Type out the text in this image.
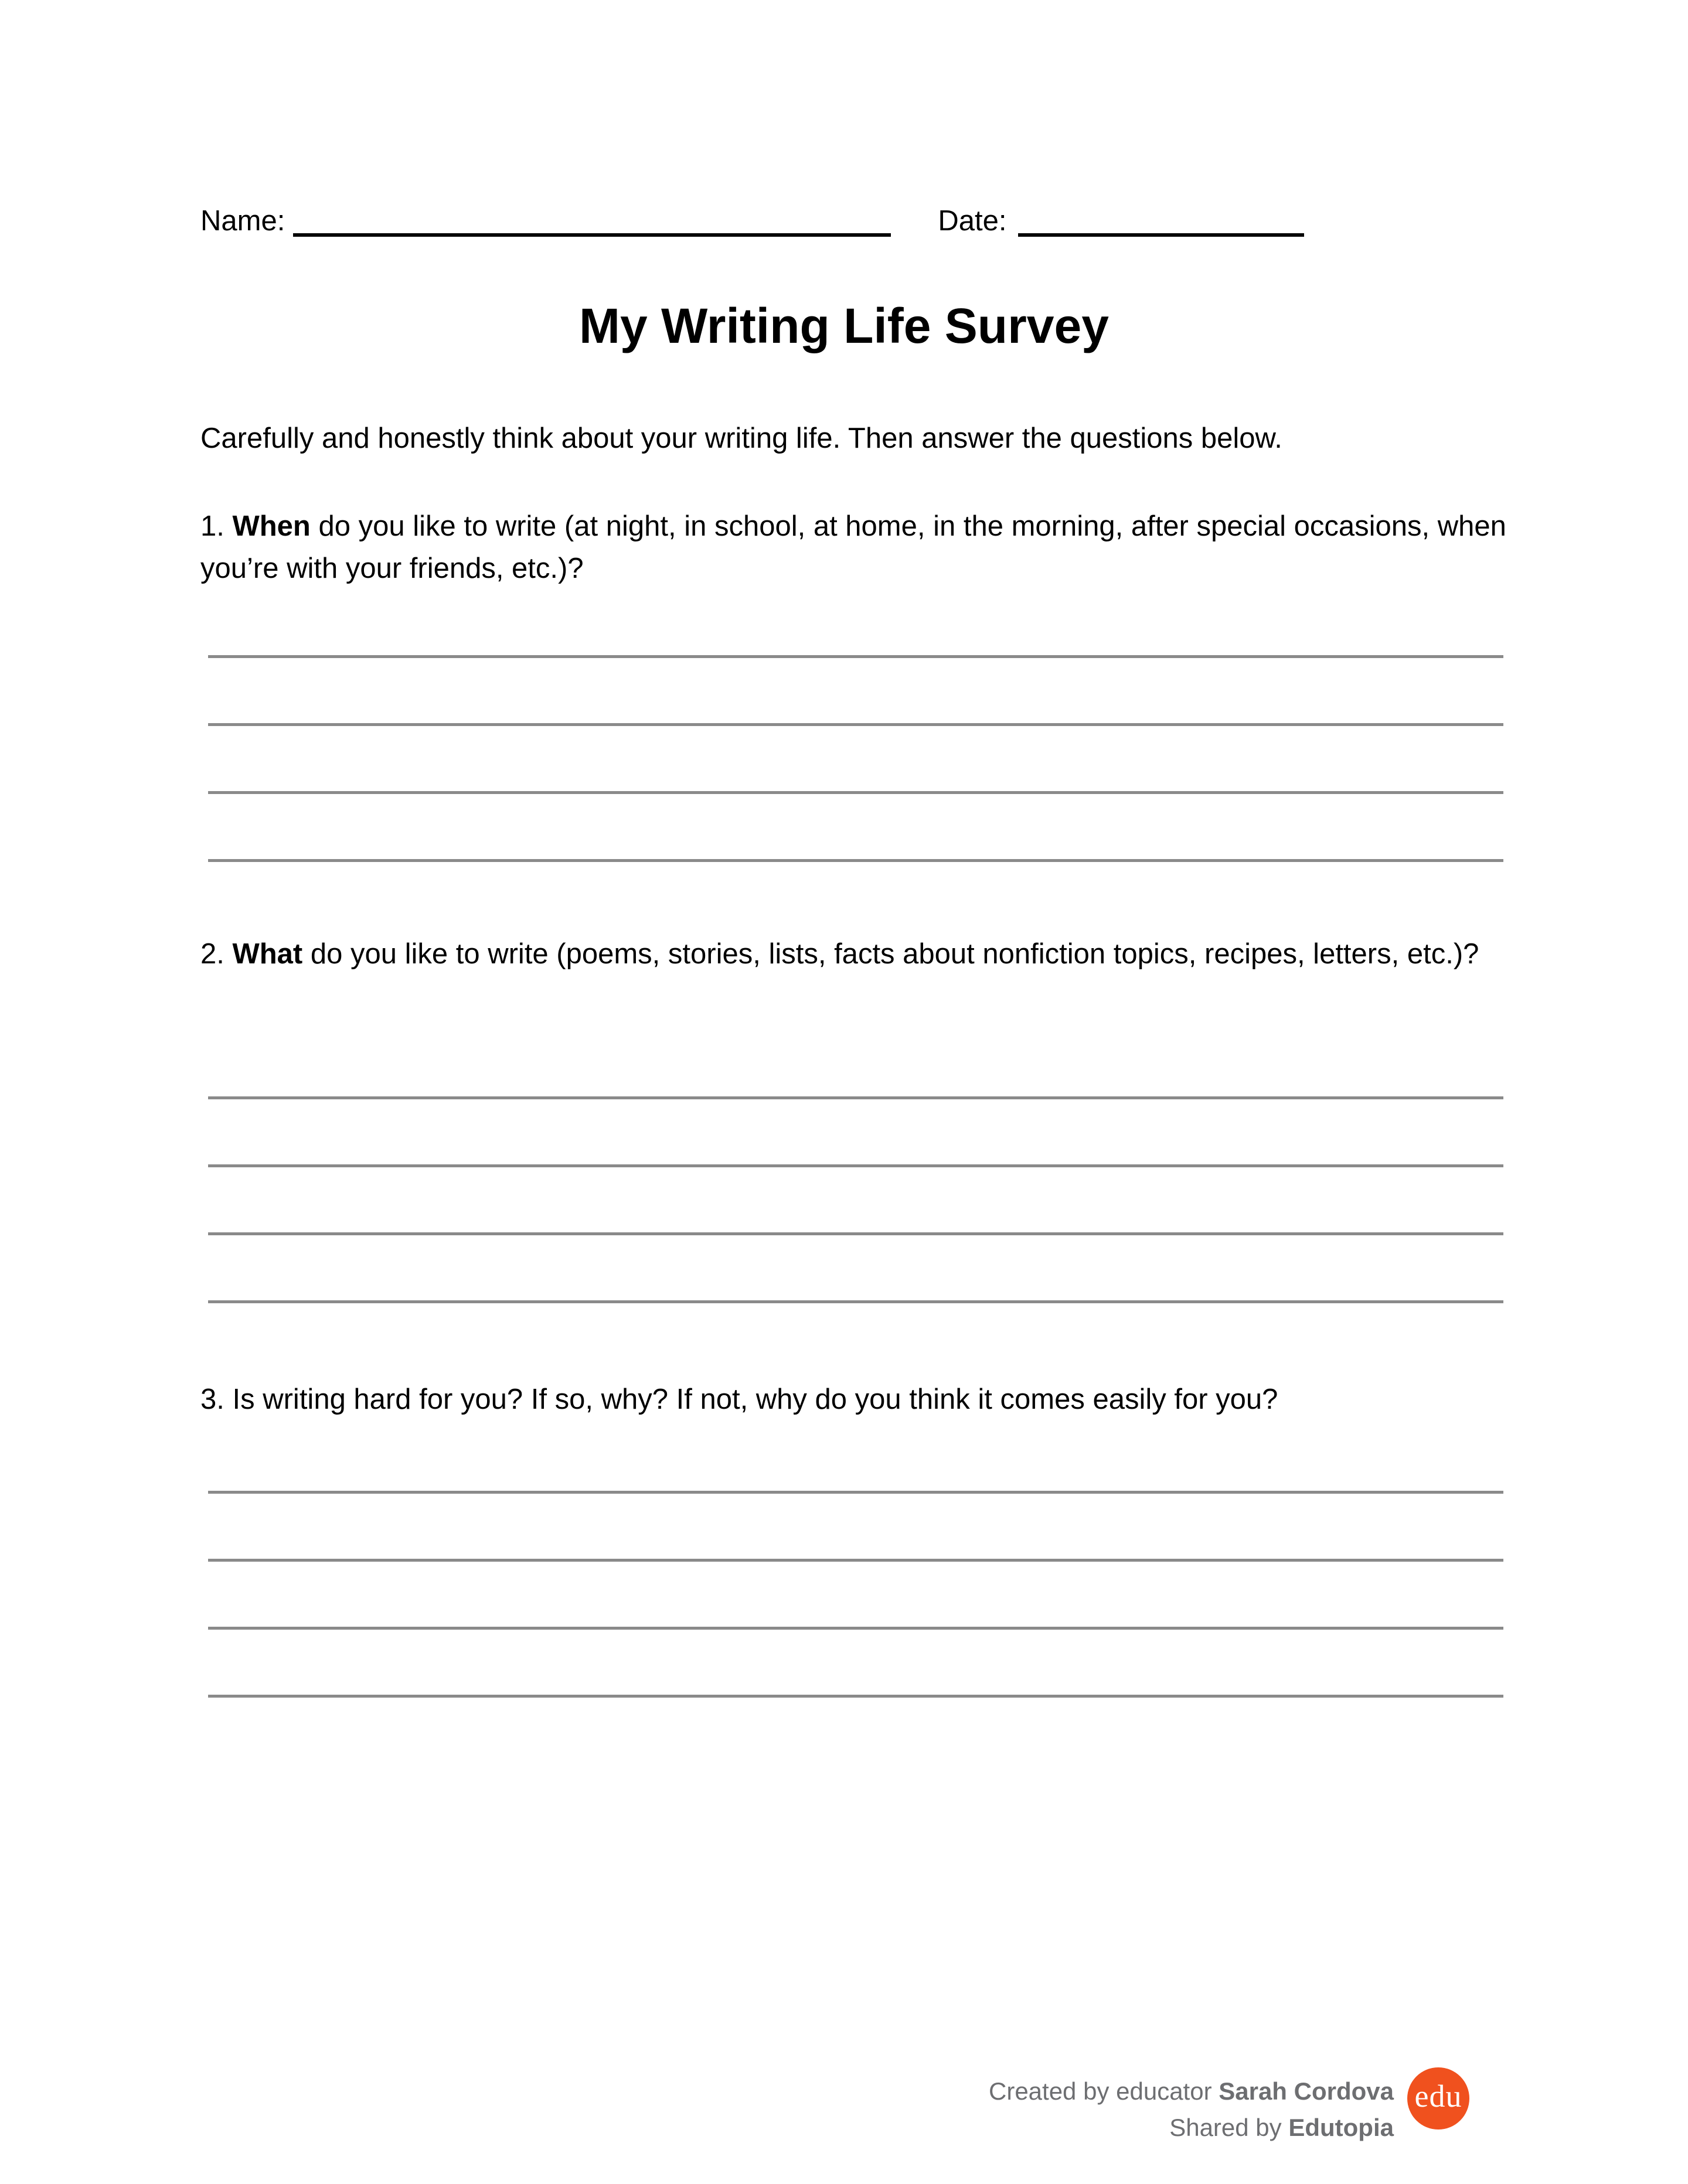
Name:	Date:
My Writing Life Survey

Carefully and honestly think about your writing life. Then answer the questions below.

1. When do you like to write (at night, in school, at home, in the morning, after special occasions, when you’re with your friends, etc.)?

2. What do you like to write (poems, stories, lists, facts about nonfiction topics, recipes, letters, etc.)?

3. Is writing hard for you? If so, why? If not, why do you think it comes easily for you?

Created by educator Sarah Cordova
Shared by Edutopia
edu
